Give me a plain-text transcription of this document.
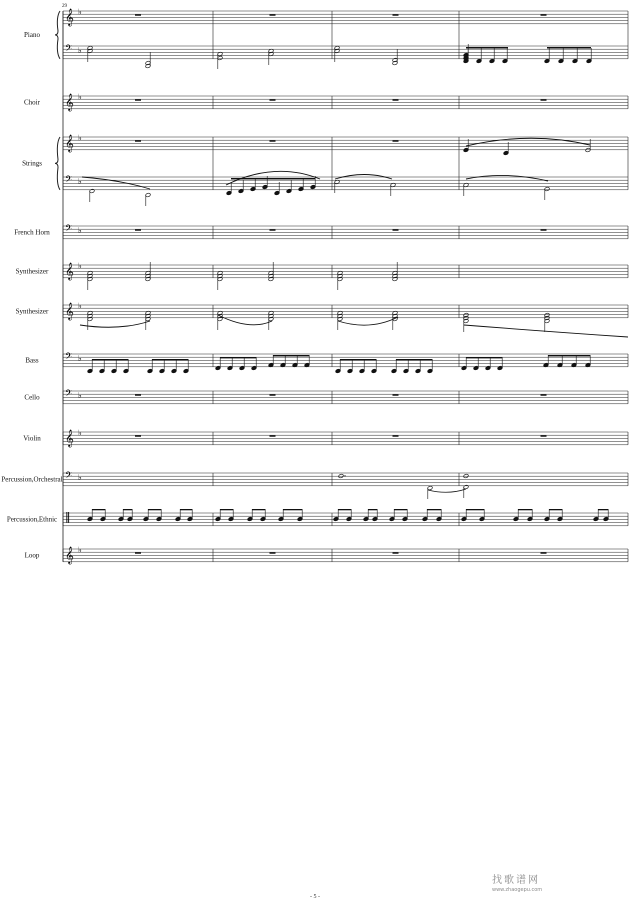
29
Piano
Choir
Strings
French Horn
Synthesizer
Synthesizer
Bass
Cello
Violin
Percussion,Orchestral
Percussion,Ethnic
Loop
𝄞 ♭
𝄢 ♭
𝄞 ♭
𝄞 ♭
𝄢 ♭
𝄢 ♭
𝄞 ♭
𝄞 ♭
𝄢 ♭
𝄢 ♭
𝄞 ♭
𝄢 ♭
‖
𝄞 ♭
- 5 -
找歌谱网
www.zhaogepu.com
